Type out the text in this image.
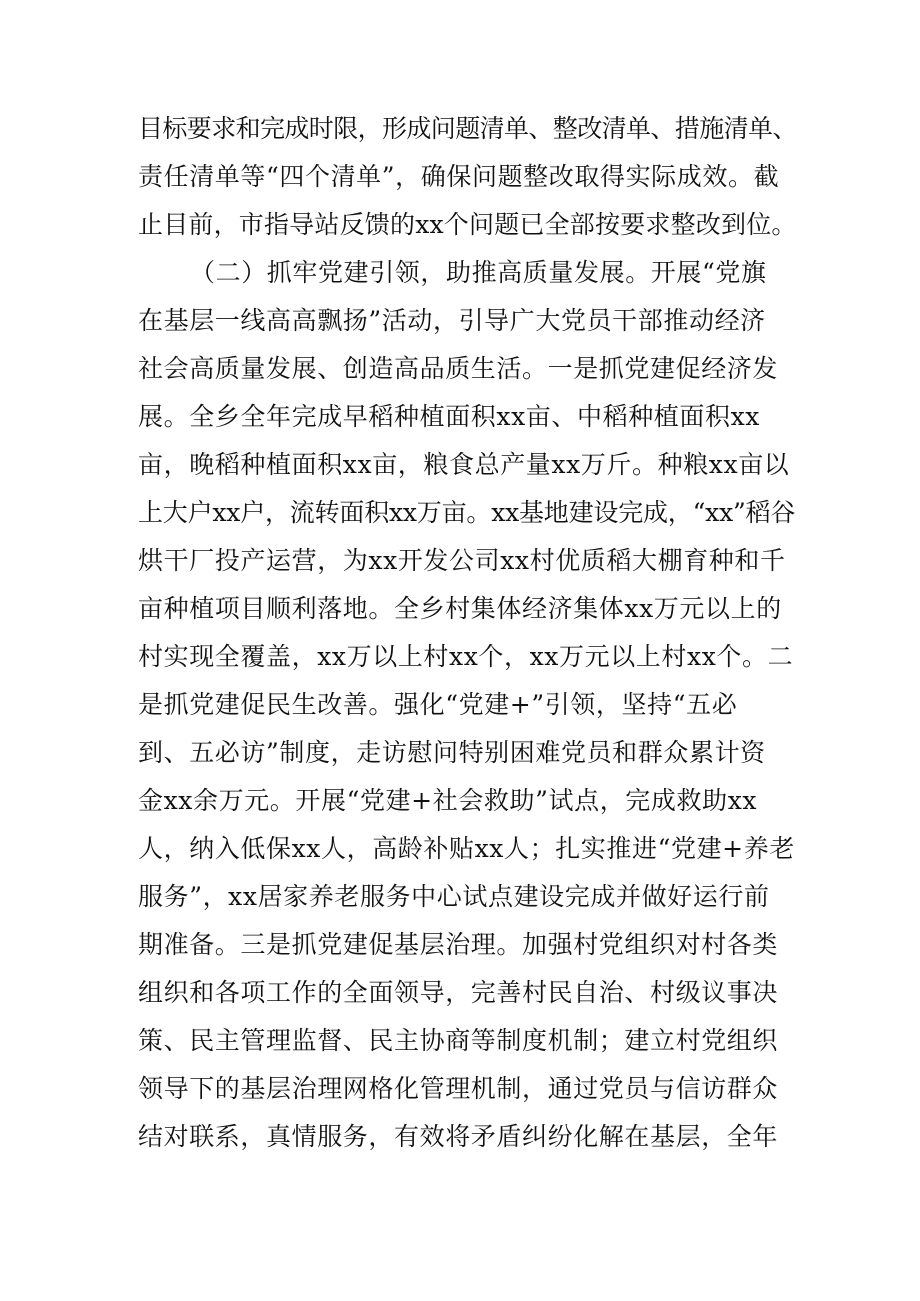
目标要求和完成时限，形成问题清单、整改清单、措施清单、
责任清单等“四个清单”，确保问题整改取得实际成效。截
止目前，市指导站反馈的xx个问题已全部按要求整改到位。
（二）抓牢党建引领，助推高质量发展。开展“党旗
在基层一线高高飘扬”活动，引导广大党员干部推动经济
社会高质量发展、创造高品质生活。一是抓党建促经济发
展。全乡全年完成早稻种植面积xx亩、中稻种植面积xx
亩，晚稻种植面积xx亩，粮食总产量xx万斤。种粮xx亩以
上大户xx户，流转面积xx万亩。xx基地建设完成，“xx”稻谷
烘干厂投产运营，为xx开发公司xx村优质稻大棚育种和千
亩种植项目顺利落地。全乡村集体经济集体xx万元以上的
村实现全覆盖，xx万以上村xx个，xx万元以上村xx个。二
是抓党建促民生改善。强化“党建+”引领，坚持“五必
到、五必访”制度，走访慰问特别困难党员和群众累计资
金xx余万元。开展“党建+社会救助”试点，完成救助xx
人，纳入低保xx人，高龄补贴xx人；扎实推进“党建+养老
服务”，xx居家养老服务中心试点建设完成并做好运行前
期准备。三是抓党建促基层治理。加强村党组织对村各类
组织和各项工作的全面领导，完善村民自治、村级议事决
策、民主管理监督、民主协商等制度机制；建立村党组织
领导下的基层治理网格化管理机制，通过党员与信访群众
结对联系，真情服务，有效将矛盾纠纷化解在基层，全年
